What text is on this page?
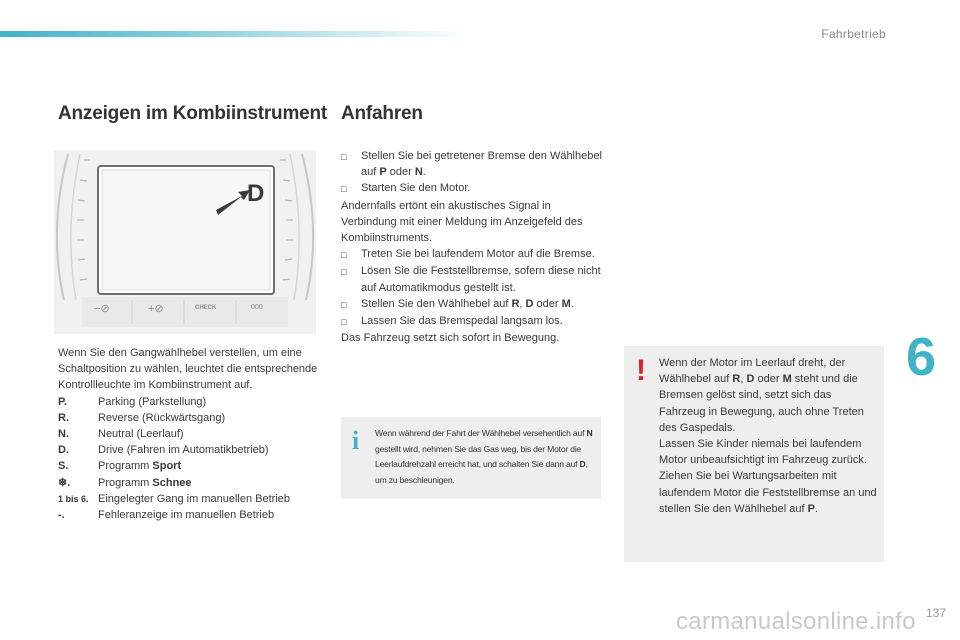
Fahrbetrieb
6
137
carmanualsonline.info
Anzeigen im Kombiinstrument Anfahren
D
−⊘	+⊘	CHECK	000

Wenn Sie den Gangwählhebel verstellen, um eine Schaltposition zu wählen, leuchtet die entsprechende Kontrollleuchte im Kombiinstrument auf.

P.	Parking (Parkstellung)
R.	Reverse (Rückwärtsgang)
N.	Neutral (Leerlauf)
D.	Drive (Fahren im Automatikbetrieb)
S.	Programm Sport
❄.	Programm Schnee
1 bis 6. Eingelegter Gang im manuellen Betrieb
-.	Fehleranzeige im manuellen Betrieb
□	Stellen Sie bei getretener Bremse den Wählhebel auf P oder N.
□	Starten Sie den Motor.

Andernfalls ertönt ein akustisches Signal in Verbindung mit einer Meldung im Anzeigefeld des Kombiinstruments.

□	Treten Sie bei laufendem Motor auf die Bremse.
□	Lösen Sie die Feststellbremse, sofern diese nicht auf Automatikmodus gestellt ist.
□	Stellen Sie den Wählhebel auf R, D oder M.
□	Lassen Sie das Bremspedal langsam los.

Das Fahrzeug setzt sich sofort in Bewegung.

i Wenn während der Fahrt der Wählhebel versehentlich auf N gestellt wird, nehmen Sie das Gas weg, bis der Motor die Leerlaufdrehzahl erreicht hat, und schalten Sie dann auf D, um zu beschleunigen.
! Wenn der Motor im Leerlauf dreht, der Wählhebel auf R, D oder M steht und die Bremsen gelöst sind, setzt sich das Fahrzeug in Bewegung, auch ohne Treten des Gaspedals.

Lassen Sie Kinder niemals bei laufendem Motor unbeaufsichtigt im Fahrzeug zurück.

Ziehen Sie bei Wartungsarbeiten mit laufendem Motor die Feststellbremse an und stellen Sie den Wählhebel auf P.
